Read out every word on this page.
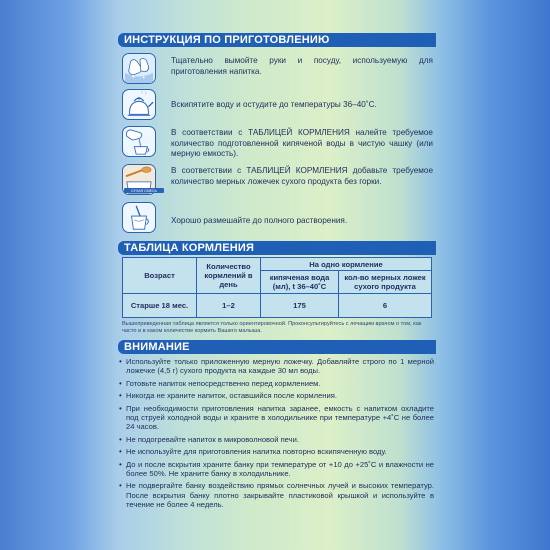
ИНСТРУКЦИЯ ПО ПРИГОТОВЛЕНИЮ
Тщательно вымойте руки и посуду, используемую для приготовления напитка.
Вскипятите воду и остудите до температуры 36–40˚С.
В соответствии с ТАБЛИЦЕЙ КОРМЛЕНИЯ налейте требуемое количество подготовленной кипяченой воды в чистую чашку (или мерную емкость).
СУХАЯ СМЕСЬ
В соответствии с ТАБЛИЦЕЙ КОРМЛЕНИЯ добавьте требуемое количество мерных ложечек сухого продукта без горки.
Хорошо размешайте до полного растворения.
ТАБЛИЦА КОРМЛЕНИЯ
Возраст	Количество кормлений в день	На одно кормление	
		кипяченая вода (мл), t 36–40˚С	кол-во мерных ложек сухого продукта
Старше 18 мес.	1–2	175	6
Вышеприведенная таблица является только ориентировочной. Проконсультируйтесь с лечащим врачом о том, как часто и в каком количестве кормить Вашего малыша.
ВНИМАНИЕ
• Используйте только приложенную мерную ложечку. Добавляйте строго по 1 мерной ложечке (4,5 г) сухого продукта на каждые 30 мл воды.
• Готовьте напиток непосредственно перед кормлением.
• Никогда не храните напиток, оставшийся после кормления.
• При необходимости приготовления напитка заранее, емкость с напитком охладите под струей холодной воды и храните в холодильнике при температуре +4˚С не более 24 часов.
• Не подогревайте напиток в микроволновой печи.
• Не используйте для приготовления напитка повторно вскипяченную воду.
• До и после вскрытия храните банку при температуре от +10 до +25˚С и влажности не более 50%. Не храните банку в холодильнике.
• Не подвергайте банку воздействию прямых солнечных лучей и высоких температур. После вскрытия банку плотно закрывайте пластиковой крышкой и используйте в течение не более 4 недель.
